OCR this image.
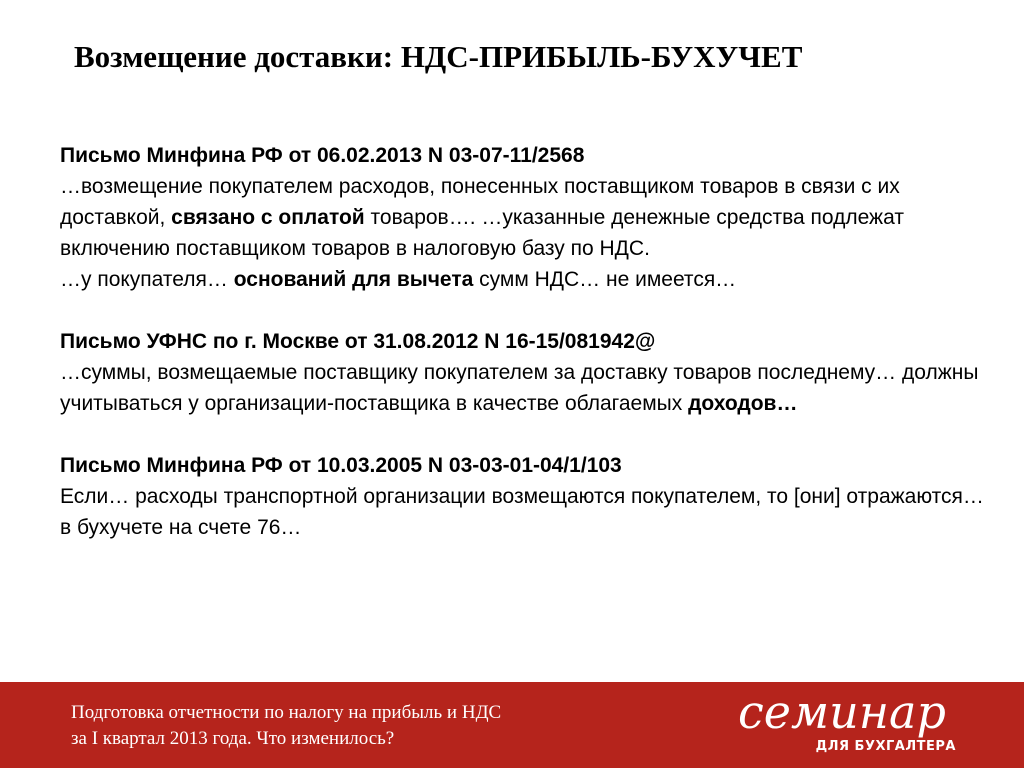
Возмещение доставки: НДС-ПРИБЫЛЬ-БУХУЧЕТ

Письмо Минфина РФ от 06.02.2013 N 03-07-11/2568

…возмещение покупателем расходов, понесенных поставщиком товаров в связи с их доставкой, связано с оплатой товаров…. …указанные денежные средства подлежат включению поставщиком товаров в налоговую базу по НДС.

…у покупателя… оснований для вычета сумм НДС… не имеется…

Письмо УФНС по г. Москве от 31.08.2012 N 16-15/081942@

…суммы, возмещаемые поставщику покупателем за доставку товаров последнему… должны учитываться у организации-поставщика в качестве облагаемых доходов…

Письмо Минфина РФ от 10.03.2005 N 03-03-01-04/1/103

Если… расходы транспортной организации возмещаются покупателем, то [они] отражаются… в бухучете на счете 76…

Подготовка отчетности по налогу на прибыль и НДС
за I квартал 2013 года. Что изменилось?	семинар
ДЛЯ БУХГАЛТЕРА
